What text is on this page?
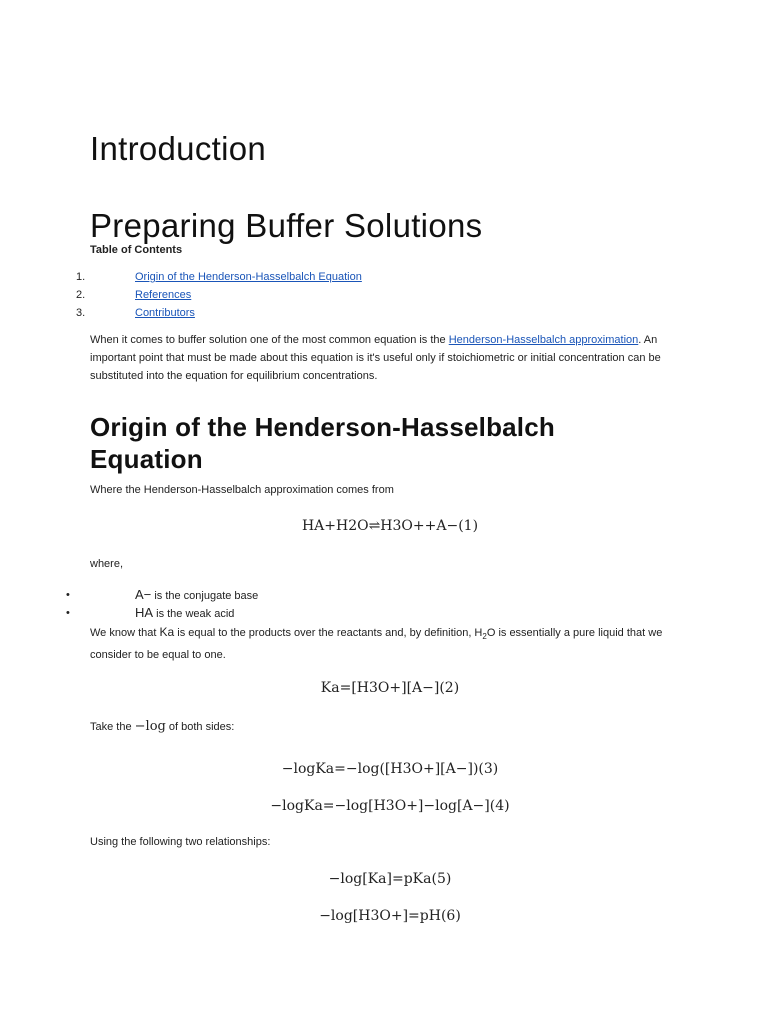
Introduction
Preparing Buffer Solutions
Table of Contents
1.	Origin of the Henderson-Hasselbalch Equation
2.	References
3.	Contributors

When it comes to buffer solution one of the most common equation is the Henderson-Hasselbalch approximation. An important point that must be made about this equation is it's useful only if stoichiometric or initial concentration can be substituted into the equation for equilibrium concentrations.

Origin of the Henderson-Hasselbalch Equation
Where the Henderson-Hasselbalch approximation comes from
HA+H2O⇌H3O++A−(1)
where,
•	A− is the conjugate base
•	HA is the weak acid

We know that Ka is equal to the products over the reactants and, by definition, $H_2O$ is essentially a pure liquid that we consider to be equal to one.

Ka=[H3O+][A−](2)
Take the −log of both sides:
−logKa=−log([H3O+][A−])(3)
−logKa=−log[H3O+]−log[A−](4)
Using the following two relationships:
−log[Ka]=pKa(5)
−log[H3O+]=pH(6)
